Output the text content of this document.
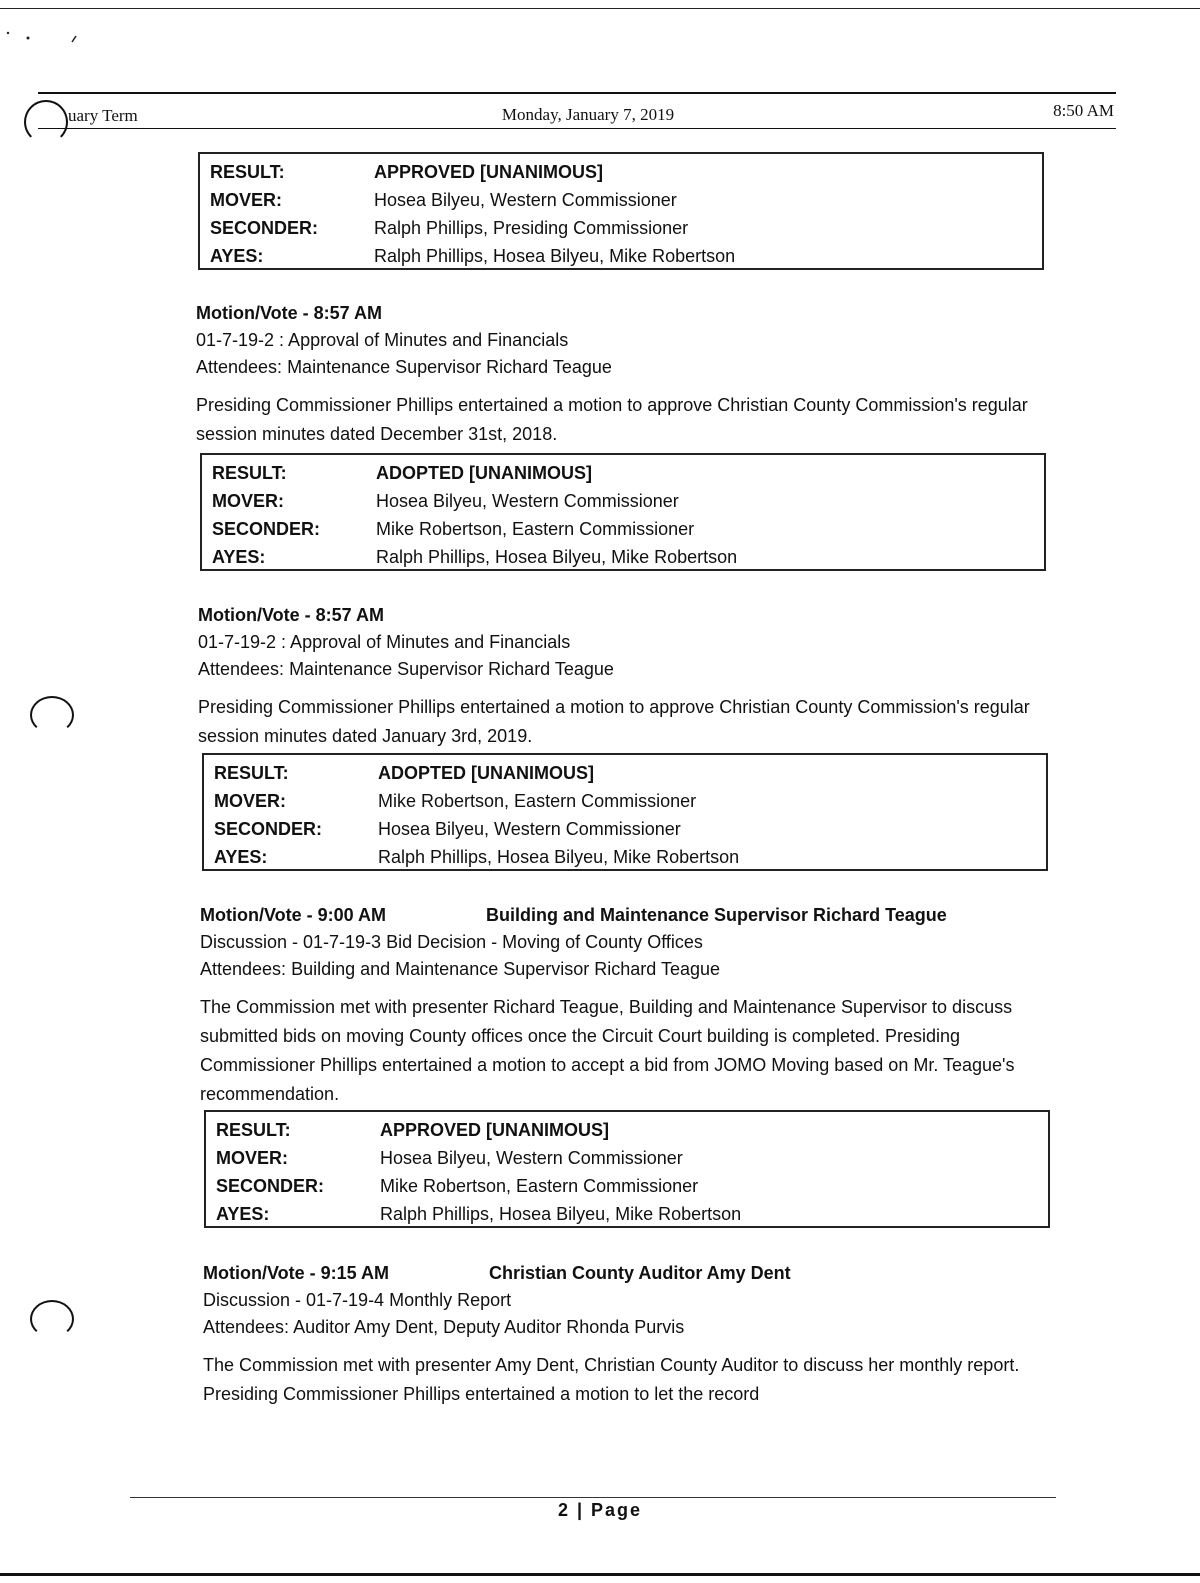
uary Term	Monday, January 7, 2019	8:50 AM
RESULT:	APPROVED [UNANIMOUS]
MOVER:	Hosea Bilyeu, Western Commissioner
SECONDER:	Ralph Phillips, Presiding Commissioner
AYES:	Ralph Phillips, Hosea Bilyeu, Mike Robertson
Motion/Vote - 8:57 AM
01-7-19-2 : Approval of Minutes and Financials
Attendees: Maintenance Supervisor Richard Teague
Presiding Commissioner Phillips entertained a motion to approve Christian County Commission's regular session minutes dated December 31st, 2018.
RESULT:	ADOPTED [UNANIMOUS]
MOVER:	Hosea Bilyeu, Western Commissioner
SECONDER:	Mike Robertson, Eastern Commissioner
AYES:	Ralph Phillips, Hosea Bilyeu, Mike Robertson
Motion/Vote - 8:57 AM
01-7-19-2 : Approval of Minutes and Financials
Attendees: Maintenance Supervisor Richard Teague
Presiding Commissioner Phillips entertained a motion to approve Christian County Commission's regular session minutes dated January 3rd, 2019.
RESULT:	ADOPTED [UNANIMOUS]
MOVER:	Mike Robertson, Eastern Commissioner
SECONDER:	Hosea Bilyeu, Western Commissioner
AYES:	Ralph Phillips, Hosea Bilyeu, Mike Robertson
Motion/Vote - 9:00 AM	Building and Maintenance Supervisor Richard Teague
Discussion - 01-7-19-3 Bid Decision - Moving of County Offices
Attendees: Building and Maintenance Supervisor Richard Teague
The Commission met with presenter Richard Teague, Building and Maintenance Supervisor to discuss submitted bids on moving County offices once the Circuit Court building is completed. Presiding Commissioner Phillips entertained a motion to accept a bid from JOMO Moving based on Mr. Teague's recommendation.
RESULT:	APPROVED [UNANIMOUS]
MOVER:	Hosea Bilyeu, Western Commissioner
SECONDER:	Mike Robertson, Eastern Commissioner
AYES:	Ralph Phillips, Hosea Bilyeu, Mike Robertson
Motion/Vote - 9:15 AM	Christian County Auditor Amy Dent
Discussion - 01-7-19-4 Monthly Report
Attendees: Auditor Amy Dent, Deputy Auditor Rhonda Purvis
The Commission met with presenter Amy Dent, Christian County Auditor to discuss her monthly report. Presiding Commissioner Phillips entertained a motion to let the record
2 | Page
